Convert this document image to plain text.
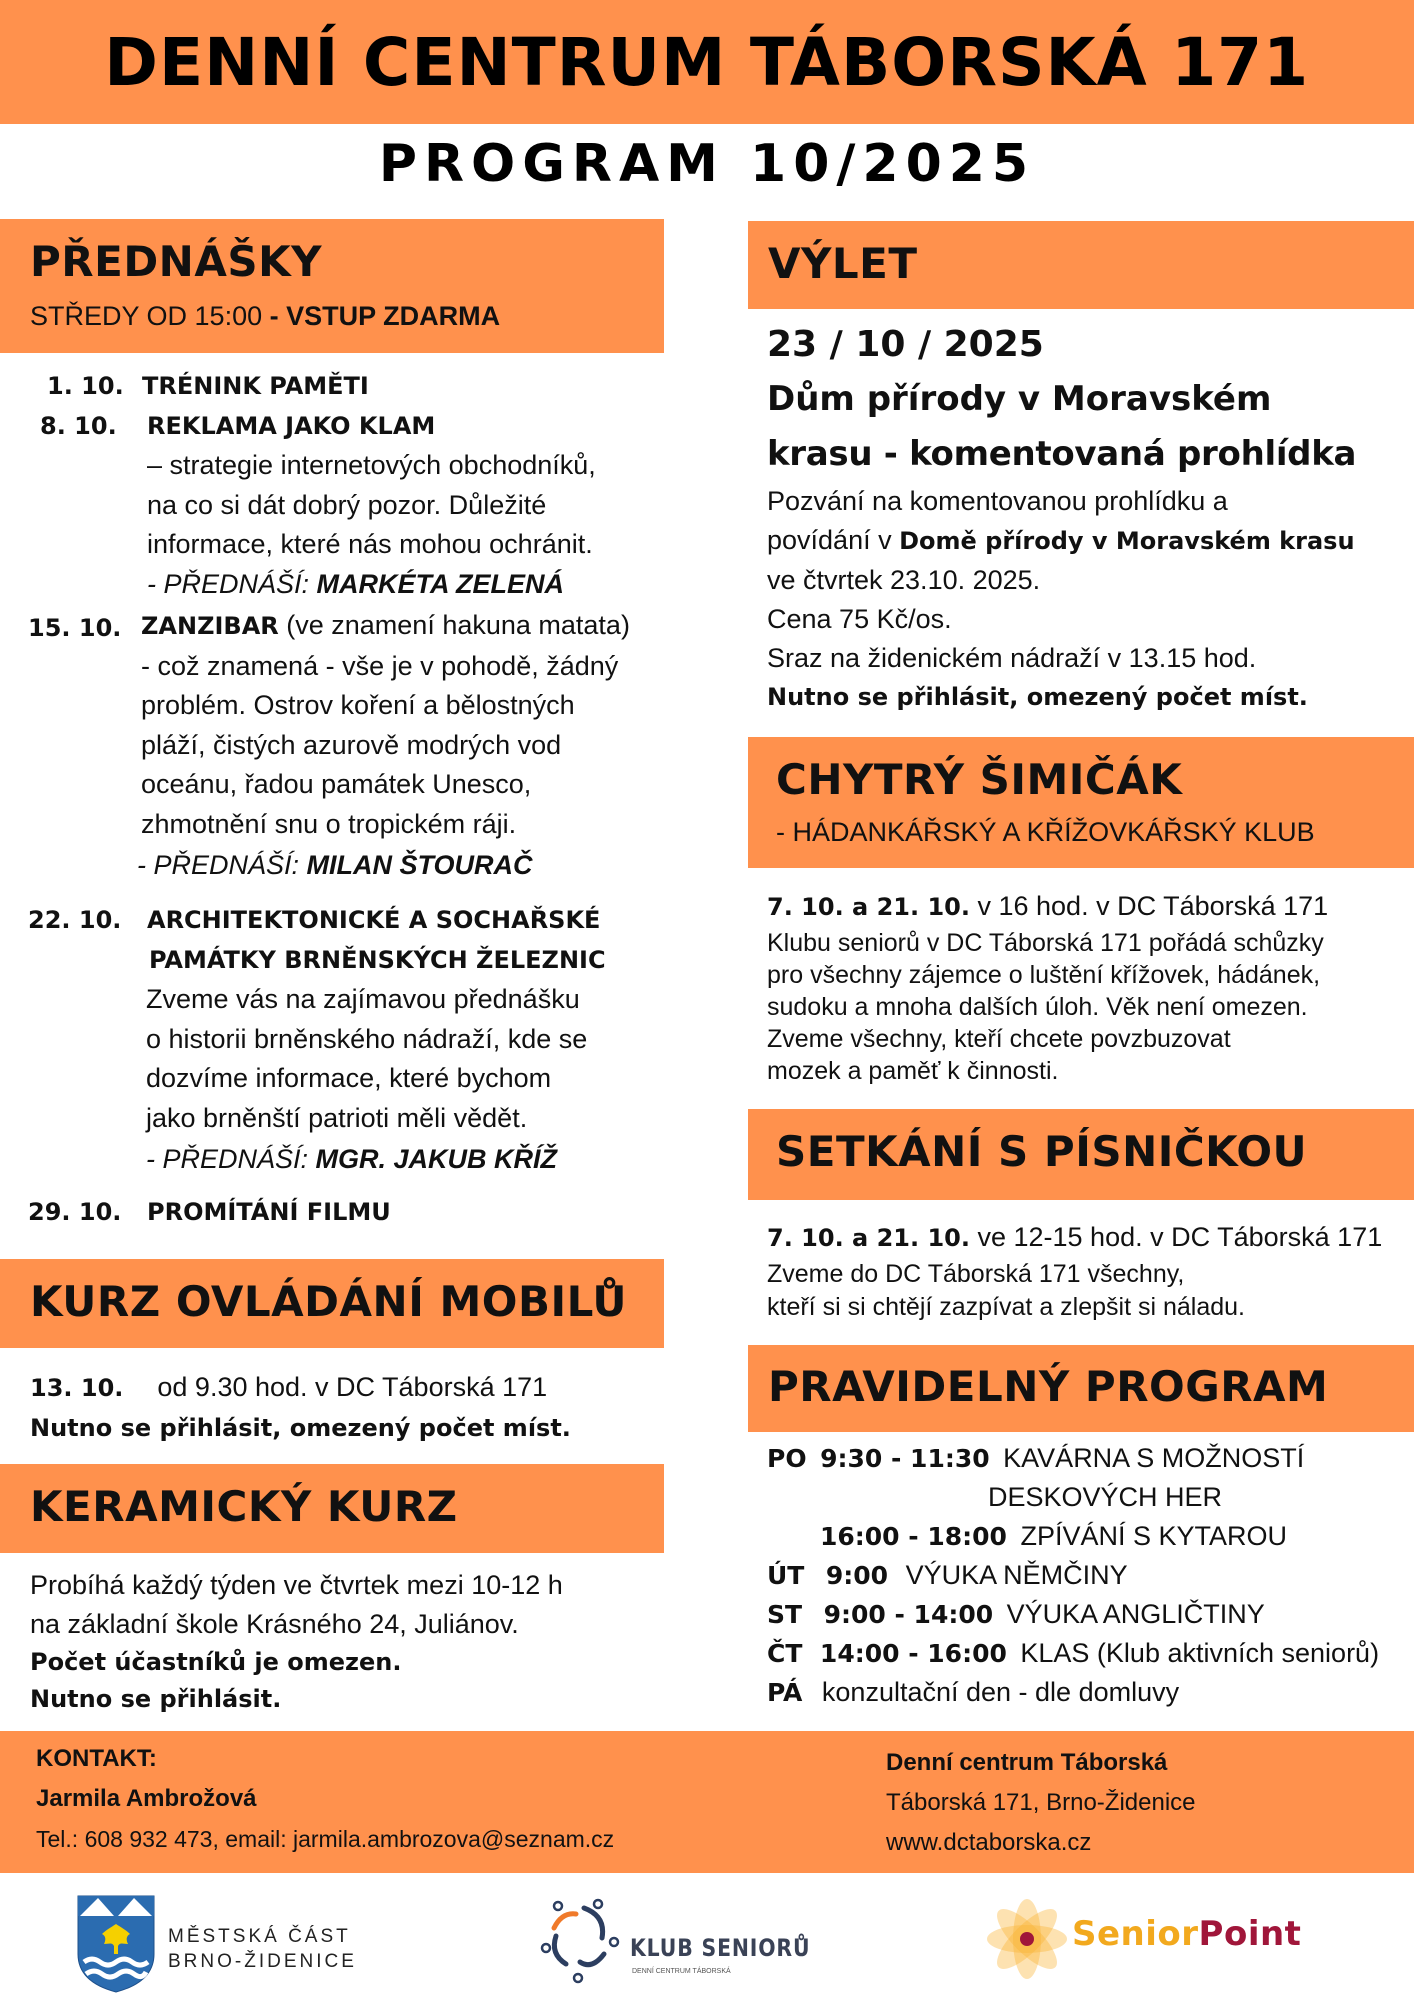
DENNÍ CENTRUM TÁBORSKÁ 171
PROGRAM 10/2025
PŘEDNÁŠKY
STŘEDY OD 15:00 - VSTUP ZDARMA
1. 10. TRÉNINK PAMĚTI
8. 10. REKLAMA JAKO KLAM
– strategie internetových obchodníků,
na co si dát dobrý pozor. Důležité
informace, které nás mohou ochránit.
- PŘEDNÁŠÍ: MARKÉTA ZELENÁ
15. 10. ZANZIBAR (ve znamení hakuna matata)
- což znamená - vše je v pohodě, žádný
problém. Ostrov koření a bělostných
pláží, čistých azurově modrých vod
oceánu, řadou památek Unesco,
zhmotnění snu o tropickém ráji.
- PŘEDNÁŠÍ: MILAN ŠTOURAČ
22. 10. ARCHITEKTONICKÉ A SOCHAŘSKÉ
PAMÁTKY BRNĚNSKÝCH ŽELEZNIC
Zveme vás na zajímavou přednášku
o historii brněnského nádraží, kde se
dozvíme informace, které bychom
jako brněnští patrioti měli vědět.
- PŘEDNÁŠÍ: MGR. JAKUB KŘÍŽ
29. 10. PROMÍTÁNÍ FILMU
KURZ OVLÁDÁNÍ MOBILŮ
13. 10. od 9.30 hod. v DC Táborská 171
Nutno se přihlásit, omezený počet míst.
KERAMICKÝ KURZ
Probíhá každý týden ve čtvrtek mezi 10-12 h
na základní škole Krásného 24, Juliánov.
Počet účastníků je omezen.
Nutno se přihlásit.
VÝLET
23 / 10 / 2025
Dům přírody v Moravském
krasu - komentovaná prohlídka
Pozvání na komentovanou prohlídku a
povídání v Domě přírody v Moravském krasu
ve čtvrtek 23.10. 2025.
Cena 75 Kč/os.
Sraz na židenickém nádraží v 13.15 hod.
Nutno se přihlásit, omezený počet míst.
CHYTRÝ ŠIMIČÁK
- HÁDANKÁŘSKÝ A KŘÍŽOVKÁŘSKÝ KLUB
7. 10. a 21. 10. v 16 hod. v DC Táborská 171
Klubu seniorů v DC Táborská 171 pořádá schůzky
pro všechny zájemce o luštění křížovek, hádánek,
sudoku a mnoha dalších úloh. Věk není omezen.
Zveme všechny, kteří chcete povzbuzovat
mozek a paměť k činnosti.
SETKÁNÍ S PÍSNIČKOU
7. 10. a 21. 10. ve 12-15 hod. v DC Táborská 171
Zveme do DC Táborská 171 všechny,
kteří si si chtějí zazpívat a zlepšit si náladu.
PRAVIDELNÝ PROGRAM
PO 9:30 - 11:30 KAVÁRNA S MOŽNOSTÍ
DESKOVÝCH HER
16:00 - 18:00 ZPÍVÁNÍ S KYTAROU
ÚT 9:00 VÝUKA NĚMČINY
ST 9:00 - 14:00 VÝUKA ANGLIČTINY
ČT 14:00 - 16:00 KLAS (Klub aktivních seniorů)
PÁ konzultační den - dle domluvy
KONTAKT:
Jarmila Ambrožová
Tel.: 608 932 473, email: jarmila.ambrozova@seznam.cz
Denní centrum Táborská
Táborská 171, Brno-Židenice
www.dctaborska.cz
MĚSTSKÁ ČÁST
BRNO-ŽIDENICE	KLUB SENIORŮ
DENNÍ CENTRUM TÁBORSKÁ
SeniorPoint
